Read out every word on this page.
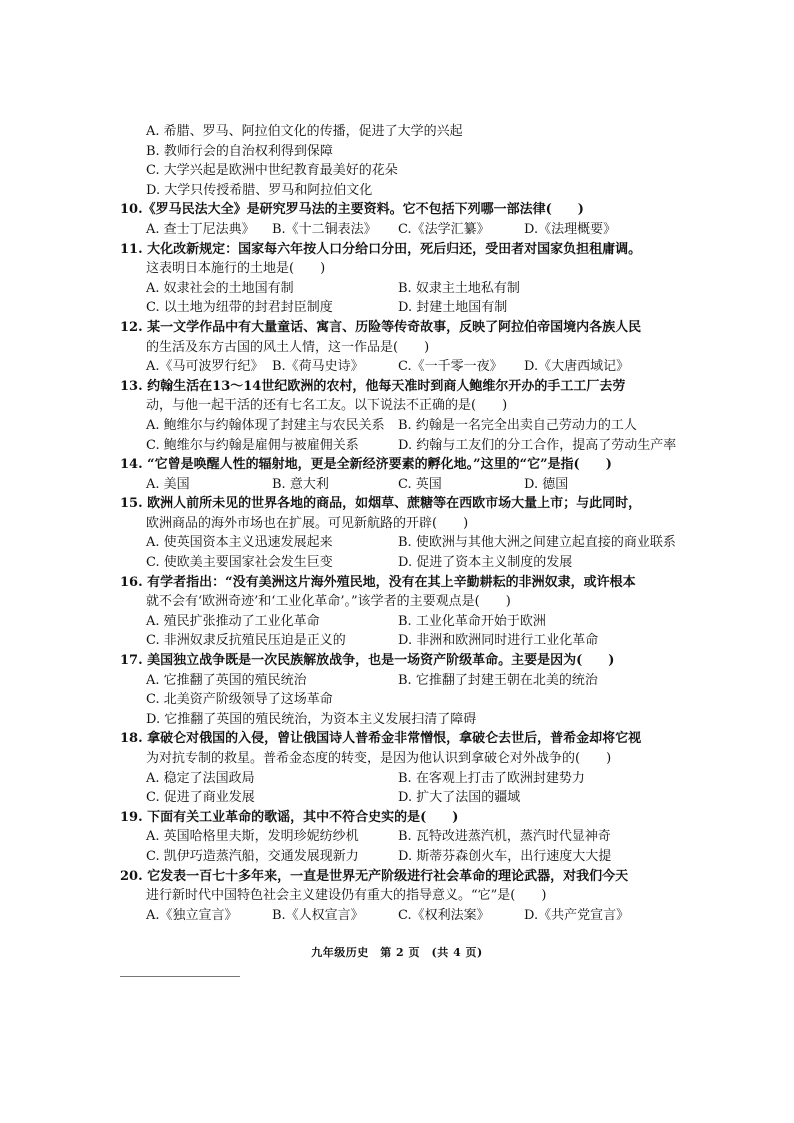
A. 希腊、罗马、阿拉伯文化的传播，促进了大学的兴起
B. 教师行会的自治权利得到保障
C. 大学兴起是欧洲中世纪教育最美好的花朵
D. 大学只传授希腊、罗马和阿拉伯文化
10.《罗马民法大全》是研究罗马法的主要资料。它不包括下列哪一部法律(　　)
A. 查士丁尼法典》	B.《十二铜表法》	C.《法学汇纂》	D.《法理概要》
11. 大化改新规定：国家每六年按人口分给口分田，死后归还，受田者对国家负担租庸调。
这表明日本施行的土地是(　　)
A. 奴隶社会的土地国有制	B. 奴隶主土地私有制
C. 以土地为纽带的封君封臣制度	D. 封建土地国有制
12. 某一文学作品中有大量童话、寓言、历险等传奇故事，反映了阿拉伯帝国境内各族人民
的生活及东方古国的风土人情，这一作品是(　　)
A.《马可波罗行纪》 B.《荷马史诗》	C.《一千零一夜》	D.《大唐西域记》
13. 约翰生活在13～14世纪欧洲的农村，他每天准时到商人鲍维尔开办的手工工厂去劳
动，与他一起干活的还有七名工友。以下说法不正确的是(　　)
A. 鲍维尔与约翰体现了封建主与农民关系	B. 约翰是一名完全出卖自己劳动力的工人
C. 鲍维尔与约翰是雇佣与被雇佣关系	D. 约翰与工友们的分工合作，提高了劳动生产率
14. “它曾是唤醒人性的辐射地，更是全新经济要素的孵化地。”这里的“它”是指(　　)
A. 美国	B. 意大利	C. 英国	D. 德国
15. 欧洲人前所未见的世界各地的商品，如烟草、蔗糖等在西欧市场大量上市；与此同时，
欧洲商品的海外市场也在扩展。可见新航路的开辟(　　)
A. 使英国资本主义迅速发展起来	B. 使欧洲与其他大洲之间建立起直接的商业联系
C. 使欧美主要国家社会发生巨变	D. 促进了资本主义制度的发展
16. 有学者指出：“没有美洲这片海外殖民地，没有在其上辛勤耕耘的非洲奴隶，或许根本
就不会有‘欧洲奇迹’和‘工业化革命’。”该学者的主要观点是(　　)
A. 殖民扩张推动了工业化革命	B. 工业化革命开始于欧洲
C. 非洲奴隶反抗殖民压迫是正义的	D. 非洲和欧洲同时进行工业化革命
17. 美国独立战争既是一次民族解放战争，也是一场资产阶级革命。主要是因为(　　)
A. 它推翻了英国的殖民统治	B. 它推翻了封建王朝在北美的统治
C. 北美资产阶级领导了这场革命
D. 它推翻了英国的殖民统治，为资本主义发展扫清了障碍
18. 拿破仑对俄国的入侵，曾让俄国诗人普希金非常憎恨，拿破仑去世后，普希金却将它视
为对抗专制的救星。普希金态度的转变，是因为他认识到拿破仑对外战争的(　　)
A. 稳定了法国政局	B. 在客观上打击了欧洲封建势力
C. 促进了商业发展	D. 扩大了法国的疆域
19. 下面有关工业革命的歌谣，其中不符合史实的是(　　)
A. 英国哈格里夫斯，发明珍妮纺纱机	B. 瓦特改进蒸汽机，蒸汽时代显神奇
C. 凯伊巧造蒸汽船，交通发展现新力	D. 斯蒂芬森创火车，出行速度大大提
20. 它发表一百七十多年来，一直是世界无产阶级进行社会革命的理论武器，对我们今天
进行新时代中国特色社会主义建设仍有重大的指导意义。“它”是(　　)
A.《独立宣言》	B.《人权宣言》	C.《权利法案》	D.《共产党宣言》
九年级历史　第 2 页　(共 4 页)
